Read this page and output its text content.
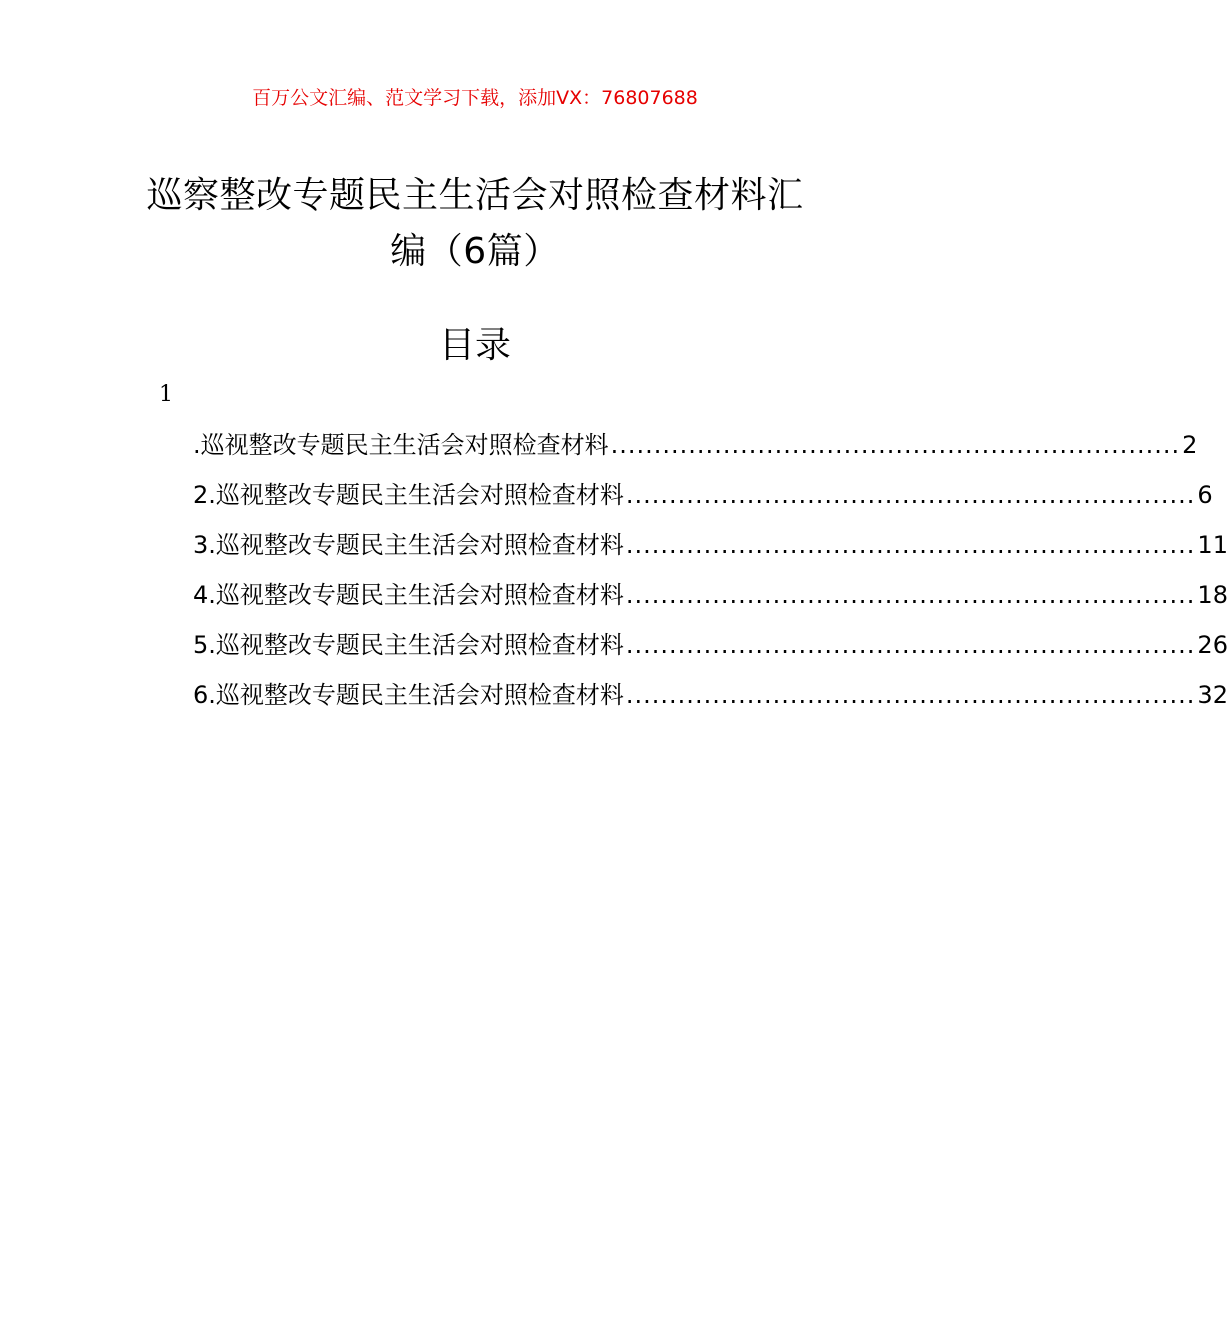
百万公文汇编、范文学习下载，添加VX：76807688
巡察整改专题民主生活会对照检查材料汇编（6篇）
目录
1
.巡视整改专题民主生活会对照检查材料 .................................................................. 2
2.巡视整改专题民主生活会对照检查材料 .................................................................. 6
3.巡视整改专题民主生活会对照检查材料 .................................................................. 11
4.巡视整改专题民主生活会对照检查材料 .................................................................. 18
5.巡视整改专题民主生活会对照检查材料 .................................................................. 26
6.巡视整改专题民主生活会对照检查材料 .................................................................. 32
